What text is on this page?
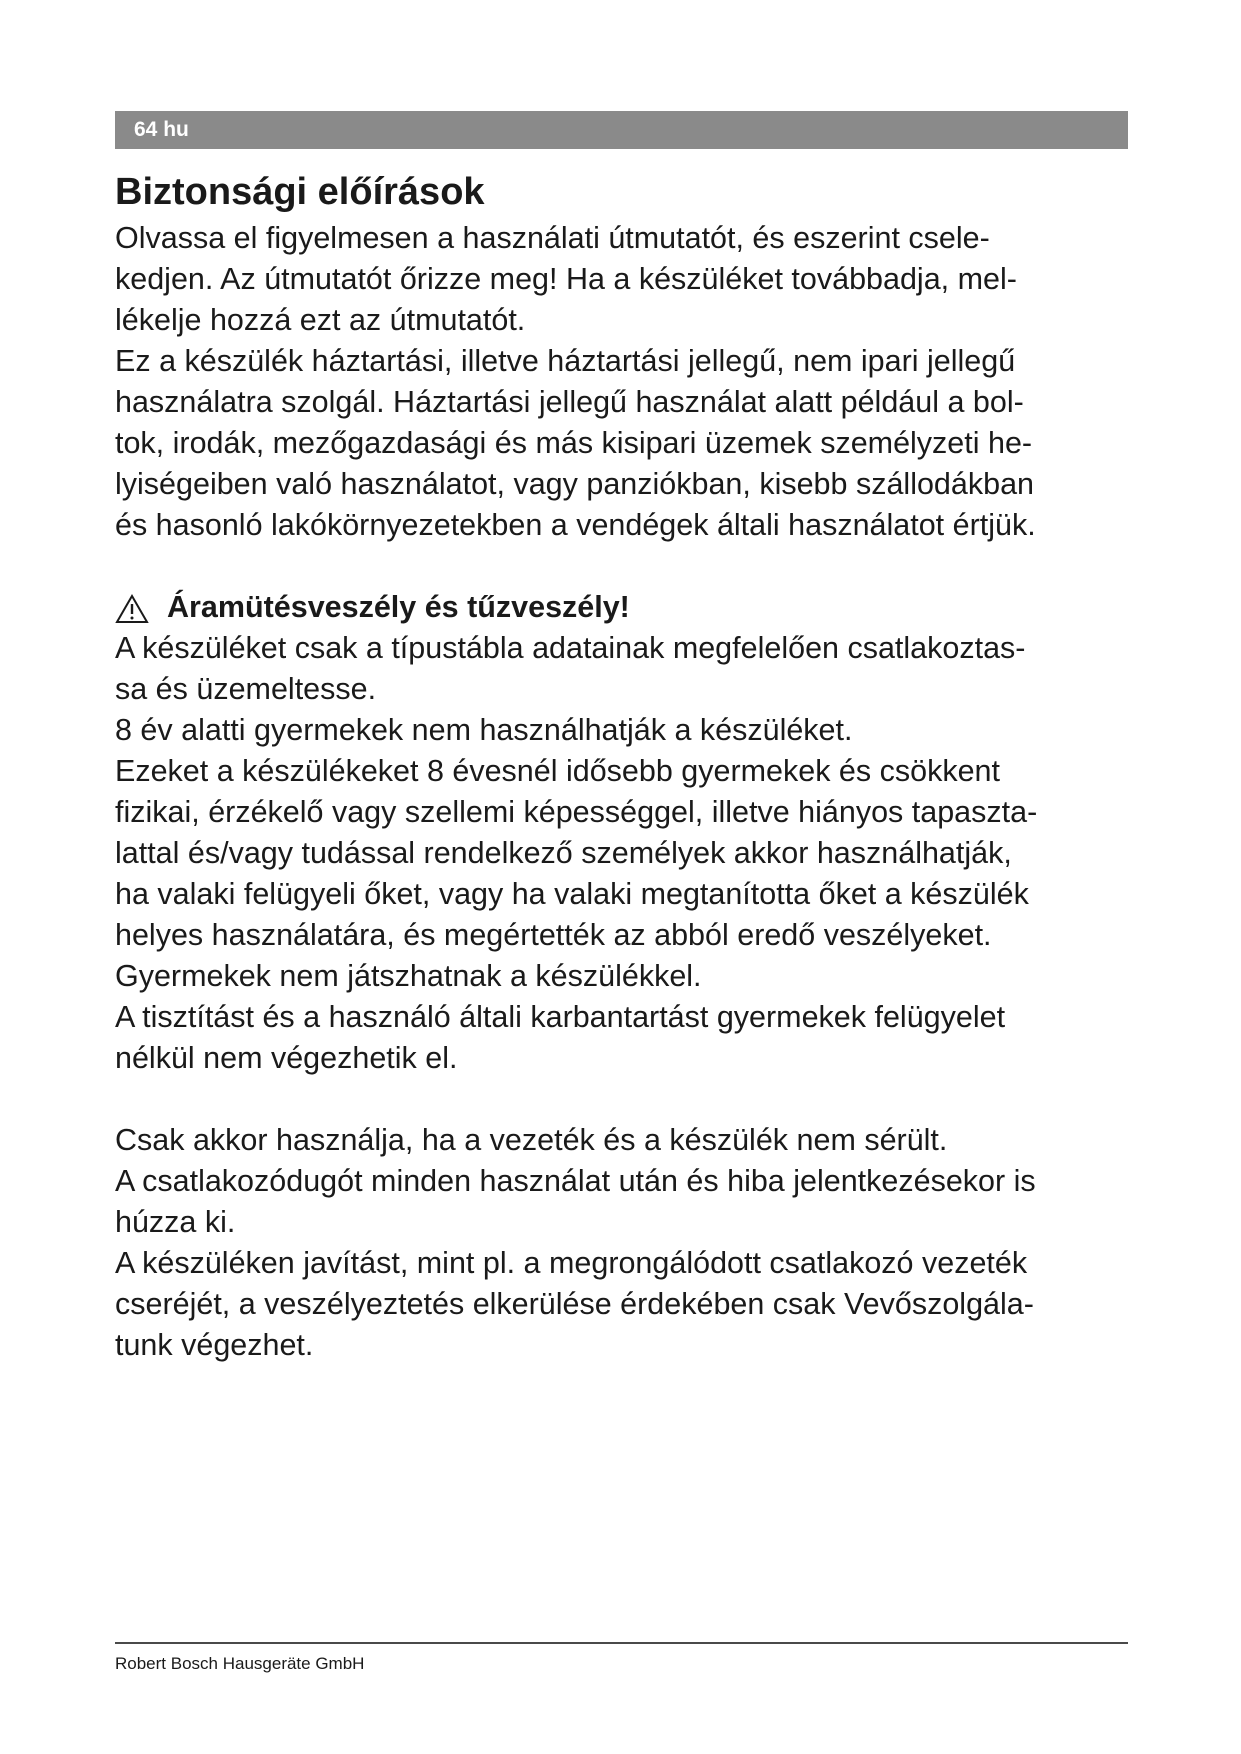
64 hu
Biztonsági előírások
Olvassa el figyelmesen a használati útmutatót, és eszerint csele-
kedjen. Az útmutatót őrizze meg! Ha a készüléket továbbadja, mel-
lékelje hozzá ezt az útmutatót.
Ez a készülék háztartási, illetve háztartási jellegű, nem ipari jellegű
használatra szolgál. Háztartási jellegű használat alatt például a bol-
tok, irodák, mezőgazdasági és más kisipari üzemek személyzeti he-
lyiségeiben való használatot, vagy panziókban, kisebb szállodákban
és hasonló lakókörnyezetekben a vendégek általi használatot értjük.
Áramütésveszély és tűzveszély!
A készüléket csak a típustábla adatainak megfelelően csatlakoztas-
sa és üzemeltesse.
8 év alatti gyermekek nem használhatják a készüléket.
Ezeket a készülékeket 8 évesnél idősebb gyermekek és csökkent
fizikai, érzékelő vagy szellemi képességgel, illetve hiányos tapaszta-
lattal és/vagy tudással rendelkező személyek akkor használhatják,
ha valaki felügyeli őket, vagy ha valaki megtanította őket a készülék
helyes használatára, és megértették az abból eredő veszélyeket.
Gyermekek nem játszhatnak a készülékkel.
A tisztítást és a használó általi karbantartást gyermekek felügyelet
nélkül nem végezhetik el.
Csak akkor használja, ha a vezeték és a készülék nem sérült.
A csatlakozódugót minden használat után és hiba jelentkezésekor is
húzza ki.
A készüléken javítást, mint pl. a megrongálódott csatlakozó vezeték
cseréjét, a veszélyeztetés elkerülése érdekében csak Vevőszolgála-
tunk végezhet.
Robert Bosch Hausgeräte GmbH
